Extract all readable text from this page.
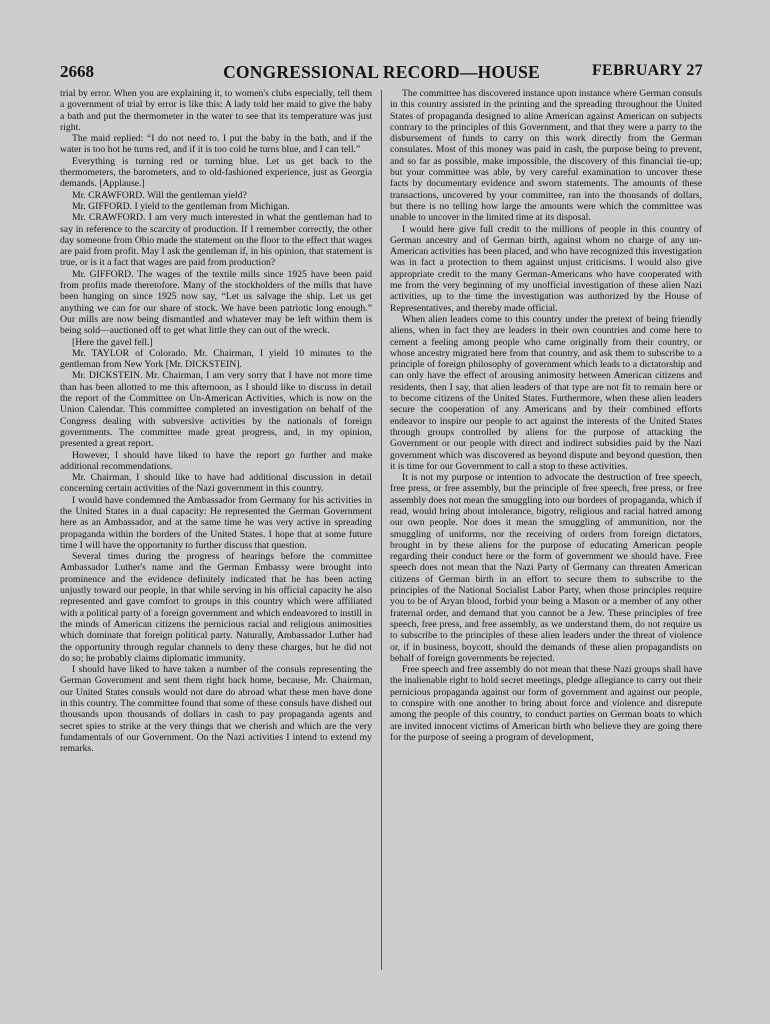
2668	CONGRESSIONAL RECORD—HOUSE	FEBRUARY 27

trial by error. When you are explaining it, to women's clubs especially, tell them a government of trial by error is like this: A lady told her maid to give the baby a bath and put the thermometer in the water to see that its temperature was just right.

The maid replied: “I do not need to. I put the baby in the bath, and if the water is too hot he turns red, and if it is too cold he turns blue, and I can tell.”

Everything is turning red or turning blue. Let us get back to the thermometers, the barometers, and to old-fashioned experience, just as Georgia demands. [Applause.]

Mr. CRAWFORD. Will the gentleman yield?

Mr. GIFFORD. I yield to the gentleman from Michigan.

Mr. CRAWFORD. I am very much interested in what the gentleman had to say in reference to the scarcity of production. If I remember correctly, the other day someone from Ohio made the statement on the floor to the effect that wages are paid from profit. May I ask the gentleman if, in his opinion, that statement is true, or is it a fact that wages are paid from production?

Mr. GIFFORD. The wages of the textile mills since 1925 have been paid from profits made theretofore. Many of the stockholders of the mills that have been hanging on since 1925 now say, “Let us salvage the ship. Let us get anything we can for our share of stock. We have been patriotic long enough.” Our mills are now being dismantled and whatever may be left within them is being sold—auctioned off to get what little they can out of the wreck.

[Here the gavel fell.]

Mr. TAYLOR of Colorado. Mr. Chairman, I yield 10 minutes to the gentleman from New York [Mr. DICKSTEIN].

Mr. DICKSTEIN. Mr. Chairman, I am very sorry that I have not more time than has been allotted to me this afternoon, as I should like to discuss in detail the report of the Committee on Un-American Activities, which is now on the Union Calendar. This committee completed an investigation on behalf of the Congress dealing with subversive activities by the nationals of foreign governments. The committee made great progress, and, in my opinion, presented a great report.

However, I should have liked to have the report go further and make additional recommendations.

Mr. Chairman, I should like to have had additional discussion in detail concerning certain activities of the Nazi government in this country.

I would have condemned the Ambassador from Germany for his activities in the United States in a dual capacity: He represented the German Government here as an Ambassador, and at the same time he was very active in spreading propaganda within the borders of the United States. I hope that at some future time I will have the opportunity to further discuss that question.

Several times during the progress of hearings before the committee Ambassador Luther's name and the German Embassy were brought into prominence and the evidence definitely indicated that he has been acting unjustly toward our people, in that while serving in his official capacity he also represented and gave comfort to groups in this country which were affiliated with a political party of a foreign government and which endeavored to instill in the minds of American citizens the pernicious racial and religious animosities which dominate that foreign political party. Naturally, Ambassador Luther had the opportunity through regular channels to deny these charges, but he did not do so; he probably claims diplomatic immunity.

I should have liked to have taken a number of the consuls representing the German Government and sent them right back home, because, Mr. Chairman, our United States consuls would not dare do abroad what these men have done in this country. The committee found that some of these consuls have dished out thousands upon thousands of dollars in cash to pay propaganda agents and secret spies to strike at the very things that we cherish and which are the very fundamentals of our Government. On the Nazi activities I intend to extend my remarks.

The committee has discovered instance upon instance where German consuls in this country assisted in the printing and the spreading throughout the United States of propaganda designed to aline American against American on subjects contrary to the principles of this Government, and that they were a party to the disbursement of funds to carry on this work directly from the German consulates. Most of this money was paid in cash, the purpose being to prevent, and so far as possible, make impossible, the discovery of this financial tie-up; but your committee was able, by very careful examination to uncover these facts by documentary evidence and sworn statements. The amounts of these transactions, uncovered by your committee, ran into the thousands of dollars, but there is no telling how large the amounts were which the committee was unable to uncover in the limited time at its disposal.

I would here give full credit to the millions of people in this country of German ancestry and of German birth, against whom no charge of any un-American activities has been placed, and who have recognized this investigation was in fact a protection to them against unjust criticisms. I would also give appropriate credit to the many German-Americans who have cooperated with me from the very beginning of my unofficial investigation of these alien Nazi activities, up to the time the investigation was authorized by the House of Representatives, and thereby made official.

When alien leaders come to this country under the pretext of being friendly aliens, when in fact they are leaders in their own countries and come here to cement a feeling among people who came originally from their country, or whose ancestry migrated here from that country, and ask them to subscribe to a principle of foreign philosophy of government which leads to a dictatorship and can only have the effect of arousing animosity between American citizens and residents, then I say, that alien leaders of that type are not fit to remain here or to become citizens of the United States. Furthermore, when these alien leaders secure the cooperation of any Americans and by their combined efforts endeavor to inspire our people to act against the interests of the United States through groups controlled by aliens for the purpose of attacking the Government or our people with direct and indirect subsidies paid by the Nazi government which was discovered as beyond dispute and beyond question, then it is time for our Government to call a stop to these activities.

It is not my purpose or intention to advocate the destruction of free speech, free press, or free assembly, but the principle of free speech, free press, or free assembly does not mean the smuggling into our borders of propaganda, which if read, would bring about intolerance, bigotry, religious and racial hatred among our own people. Nor does it mean the smuggling of ammunition, nor the smuggling of uniforms, nor the receiving of orders from foreign dictators, brought in by these aliens for the purpose of educating American people regarding their conduct here or the form of government we should have. Free speech does not mean that the Nazi Party of Germany can threaten American citizens of German birth in an effort to secure them to subscribe to the principles of the National Socialist Labor Party, when those principles require you to be of Aryan blood, forbid your being a Mason or a member of any other fraternal order, and demand that you cannot be a Jew. These principles of free speech, free press, and free assembly, as we understand them, do not require us to subscribe to the principles of these alien leaders under the threat of violence or, if in business, boycott, should the demands of these alien propagandists on behalf of foreign governments be rejected.

Free speech and free assembly do not mean that these Nazi groups shall have the inalienable right to hold secret meetings, pledge allegiance to carry out their pernicious propaganda against our form of government and against our people, to conspire with one another to bring about force and violence and disrepute among the people of this country, to conduct parties on German boats to which are invited innocent victims of American birth who believe they are going there for the purpose of seeing a program of development,
